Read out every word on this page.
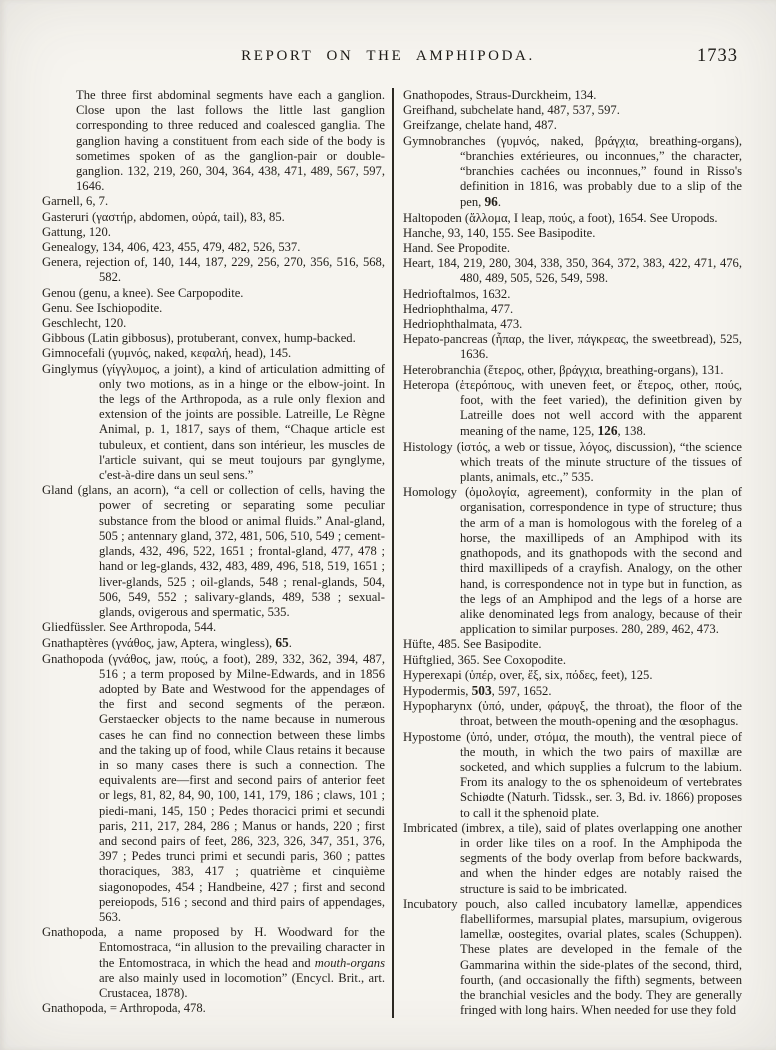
REPORT ON THE AMPHIPODA.	1733

The three first abdominal segments have each a ganglion. Close upon the last follows the little last ganglion corresponding to three reduced and coalesced ganglia. The ganglion having a constituent from each side of the body is sometimes spoken of as the ganglion-pair or double-ganglion. 132, 219, 260, 304, 364, 438, 471, 489, 567, 597, 1646.

Garnell, 6, 7.

Gasteruri (γαστήρ, abdomen, οὐρά, tail), 83, 85.

Gattung, 120.

Genealogy, 134, 406, 423, 455, 479, 482, 526, 537.

Genera, rejection of, 140, 144, 187, 229, 256, 270, 356, 516, 568, 582.

Genou (genu, a knee). See Carpopodite.

Genu. See Ischiopodite.

Geschlecht, 120.

Gibbous (Latin gibbosus), protuberant, convex, hump-backed.

Gimnocefali (γυμνός, naked, κεφαλή, head), 145.

Ginglymus (γίγγλυμος, a joint), a kind of articulation admitting of only two motions, as in a hinge or the elbow-joint. In the legs of the Arthropoda, as a rule only flexion and extension of the joints are possible. Latreille, Le Règne Animal, p. 1, 1817, says of them, “Chaque article est tubuleux, et contient, dans son intérieur, les muscles de l'article suivant, qui se meut toujours par gynglyme, c'est-à-dire dans un seul sens.”

Gland (glans, an acorn), “a cell or collection of cells, having the power of secreting or separating some peculiar substance from the blood or animal fluids.” Anal-gland, 505 ; antennary gland, 372, 481, 506, 510, 549 ; cement-glands, 432, 496, 522, 1651 ; frontal-gland, 477, 478 ; hand or leg-glands, 432, 483, 489, 496, 518, 519, 1651 ; liver-glands, 525 ; oil-glands, 548 ; renal-glands, 504, 506, 549, 552 ; salivary-glands, 489, 538 ; sexual-glands, ovigerous and spermatic, 535.

Gliedfüssler. See Arthropoda, 544.

Gnathaptères (γνάθος, jaw, Aptera, wingless), 65.

Gnathopoda (γνάθος, jaw, πούς, a foot), 289, 332, 362, 394, 487, 516 ; a term proposed by Milne-Edwards, and in 1856 adopted by Bate and Westwood for the appendages of the first and second segments of the peræon. Gerstaecker objects to the name because in numerous cases he can find no connection between these limbs and the taking up of food, while Claus retains it because in so many cases there is such a connection. The equivalents are—first and second pairs of anterior feet or legs, 81, 82, 84, 90, 100, 141, 179, 186 ; claws, 101 ; piedi-mani, 145, 150 ; Pedes thoracici primi et secundi paris, 211, 217, 284, 286 ; Manus or hands, 220 ; first and second pairs of feet, 286, 323, 326, 347, 351, 376, 397 ; Pedes trunci primi et secundi paris, 360 ; pattes thoraciques, 383, 417 ; quatrième et cinquième siagonopodes, 454 ; Handbeine, 427 ; first and second pereiopods, 516 ; second and third pairs of appendages, 563.

Gnathopoda, a name proposed by H. Woodward for the Entomostraca, “in allusion to the prevailing character in the Entomostraca, in which the head and mouth-organs are also mainly used in locomotion” (Encycl. Brit., art. Crustacea, 1878).

Gnathopoda, = Arthropoda, 478.

Gnathopodes, Straus-Durckheim, 134.

Greifhand, subchelate hand, 487, 537, 597.

Greifzange, chelate hand, 487.

Gymnobranches (γυμνός, naked, βράγχια, breathing-organs), “branchies extérieures, ou inconnues,” the character, “branchies cachées ou inconnues,” found in Risso's definition in 1816, was probably due to a slip of the pen, 96.

Haltopoden (ἅλλομα, I leap, πούς, a foot), 1654. See Uropods.

Hanche, 93, 140, 155. See Basipodite.

Hand. See Propodite.

Heart, 184, 219, 280, 304, 338, 350, 364, 372, 383, 422, 471, 476, 480, 489, 505, 526, 549, 598.

Hedrioftalmos, 1632.

Hedriophthalma, 477.

Hedriophthalmata, 473.

Hepato-pancreas (ἧπαρ, the liver, πάγκρεας, the sweetbread), 525, 1636.

Heterobranchia (ἕτερος, other, βράγχια, breathing-organs), 131.

Heteropa (ἑτερόπους, with uneven feet, or ἕτερος, other, πούς, foot, with the feet varied), the definition given by Latreille does not well accord with the apparent meaning of the name, 125, 126, 138.

Histology (ἱστός, a web or tissue, λόγος, discussion), “the science which treats of the minute structure of the tissues of plants, animals, etc.,” 535.

Homology (ὁμολογία, agreement), conformity in the plan of organisation, correspondence in type of structure; thus the arm of a man is homologous with the foreleg of a horse, the maxillipeds of an Amphipod with its gnathopods, and its gnathopods with the second and third maxillipeds of a crayfish. Analogy, on the other hand, is correspondence not in type but in function, as the legs of an Amphipod and the legs of a horse are alike denominated legs from analogy, because of their application to similar purposes. 280, 289, 462, 473.

Hüfte, 485. See Basipodite.

Hüftglied, 365. See Coxopodite.

Hyperexapi (ὑπέρ, over, ἕξ, six, πόδες, feet), 125.

Hypodermis, 503, 597, 1652.

Hypopharynx (ὑπό, under, φάρυγξ, the throat), the floor of the throat, between the mouth-opening and the œsophagus.

Hypostome (ὑπό, under, στόμα, the mouth), the ventral piece of the mouth, in which the two pairs of maxillæ are socketed, and which supplies a fulcrum to the labium. From its analogy to the os sphenoideum of vertebrates Schiødte (Naturh. Tidssk., ser. 3, Bd. iv. 1866) proposes to call it the sphenoid plate.

Imbricated (imbrex, a tile), said of plates overlapping one another in order like tiles on a roof. In the Amphipoda the segments of the body overlap from before backwards, and when the hinder edges are notably raised the structure is said to be imbricated.

Incubatory pouch, also called incubatory lamellæ, appendices flabelliformes, marsupial plates, marsupium, ovigerous lamellæ, oostegites, ovarial plates, scales (Schuppen). These plates are developed in the female of the Gammarina within the side-plates of the second, third, fourth, (and occasionally the fifth) segments, between the branchial vesicles and the body. They are generally fringed with long hairs. When needed for use they fold
